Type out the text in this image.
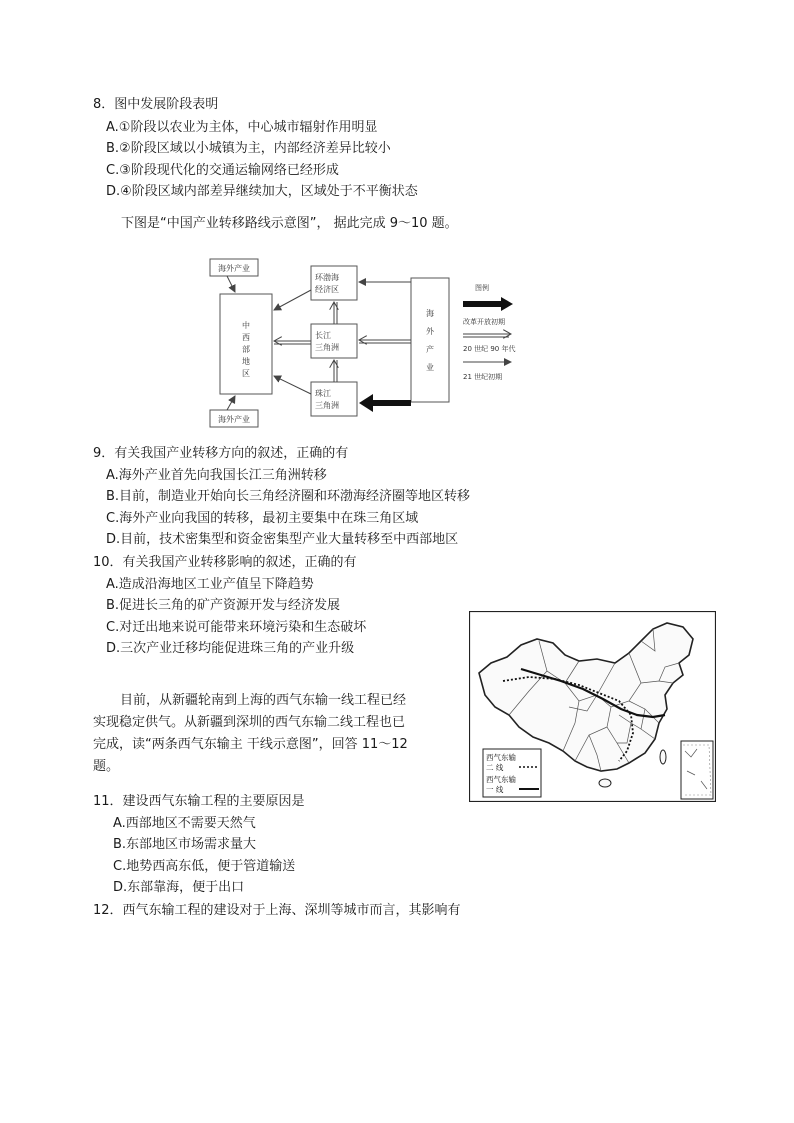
8．图中发展阶段表明
A.①阶段以农业为主体，中心城市辐射作用明显
B.②阶段区域以小城镇为主，内部经济差异比较小
C.③阶段现代化的交通运输网络已经形成
D.④阶段区域内部差异继续加大，区域处于不平衡状态
下图是“中国产业转移路线示意图”， 据此完成 9～10 题。
海外产业
海外产业
中
西
部
地
区
环渤海
经济区
长江
三角洲
珠江
三角洲
海
外
产
业
图例
改革开放初期
20 世纪 90 年代
21 世纪初期
9．有关我国产业转移方向的叙述，正确的有
A.海外产业首先向我国长江三角洲转移
B.目前，制造业开始向长三角经济圈和环渤海经济圈等地区转移
C.海外产业向我国的转移，最初主要集中在珠三角区域
D.目前，技术密集型和资金密集型产业大量转移至中西部地区
10．有关我国产业转移影响的叙述，正确的有
A.造成沿海地区工业产值呈下降趋势
B.促进长三角的矿产资源开发与经济发展
C.对迁出地来说可能带来环境污染和生态破坏
D.三次产业迁移均能促进珠三角的产业升级
西气东输
二 线
西气东输
一 线
目前，从新疆轮南到上海的西气东输一线工程已经
实现稳定供气。从新疆到深圳的西气东输二线工程也已
完成，读“两条西气东输主 干线示意图”，回答 11～12
题。
11．建设西气东输工程的主要原因是
A.西部地区不需要天然气
B.东部地区市场需求量大
C.地势西高东低，便于管道输送
D.东部靠海，便于出口
12．西气东输工程的建设对于上海、深圳等城市而言，其影响有
